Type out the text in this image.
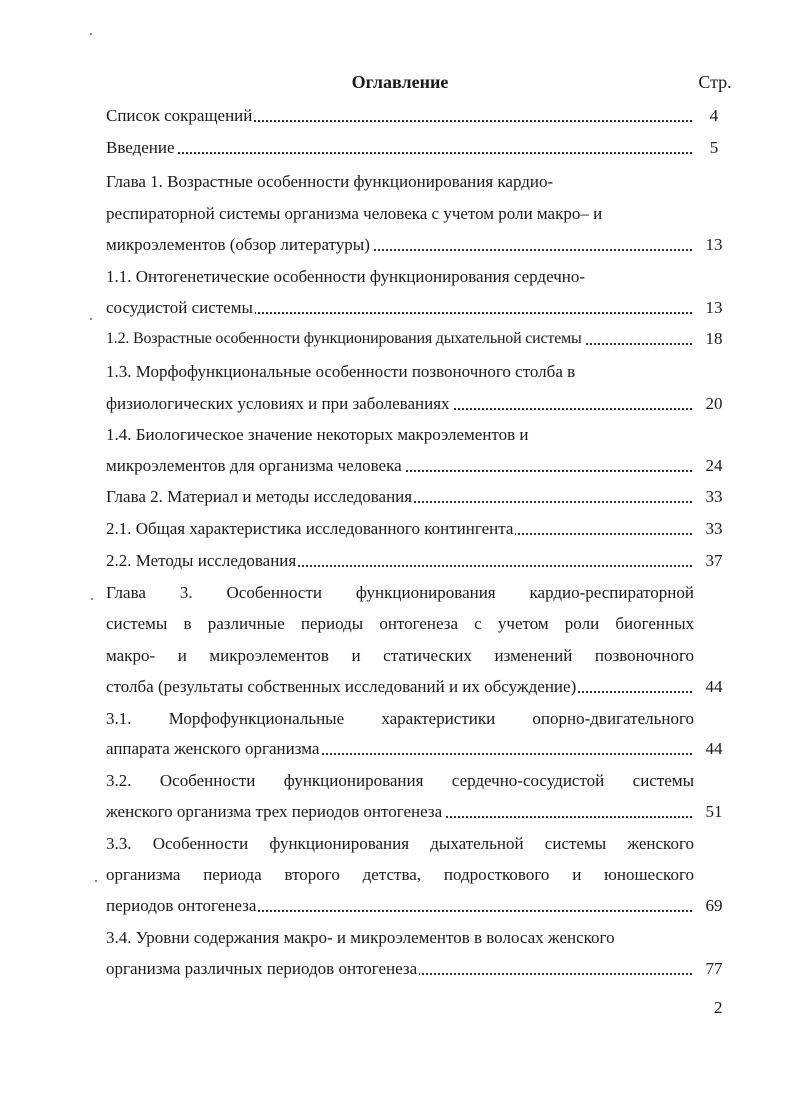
Оглавление	Стр.
Список сокращений	4
Введение	5
Глава 1. Возрастные особенности функционирования кардио-
респираторной системы организма человека с учетом роли макро– и
микроэлементов (обзор литературы)	13
1.1. Онтогенетические особенности функционирования сердечно-
сосудистой системы	13
1.2. Возрастные особенности функционирования дыхательной системы	18
1.3. Морфофункциональные особенности позвоночного столба в
физиологических условиях и при заболеваниях	20
1.4. Биологическое значение некоторых макроэлементов и
микроэлементов для организма человека	24
Глава 2. Материал и методы исследования	33
2.1. Общая характеристика исследованного контингента	33
2.2. Методы исследования	37
Глава 3. Особенности функционирования кардио-респираторной
системы в различные периоды онтогенеза с учетом роли биогенных
макро- и микроэлементов и статических изменений позвоночного
столба (результаты собственных исследований и их обсуждение)	44
3.1. Морфофункциональные характеристики опорно-двигательного
аппарата женского организма	44
3.2. Особенности функционирования сердечно-сосудистой системы
женского организма трех периодов онтогенеза	51
3.3. Особенности функционирования дыхательной системы женского
организма периода второго детства, подросткового и юношеского
периодов онтогенеза	69
3.4. Уровни содержания макро- и микроэлементов в волосах женского
организма различных периодов онтогенеза	77
2
